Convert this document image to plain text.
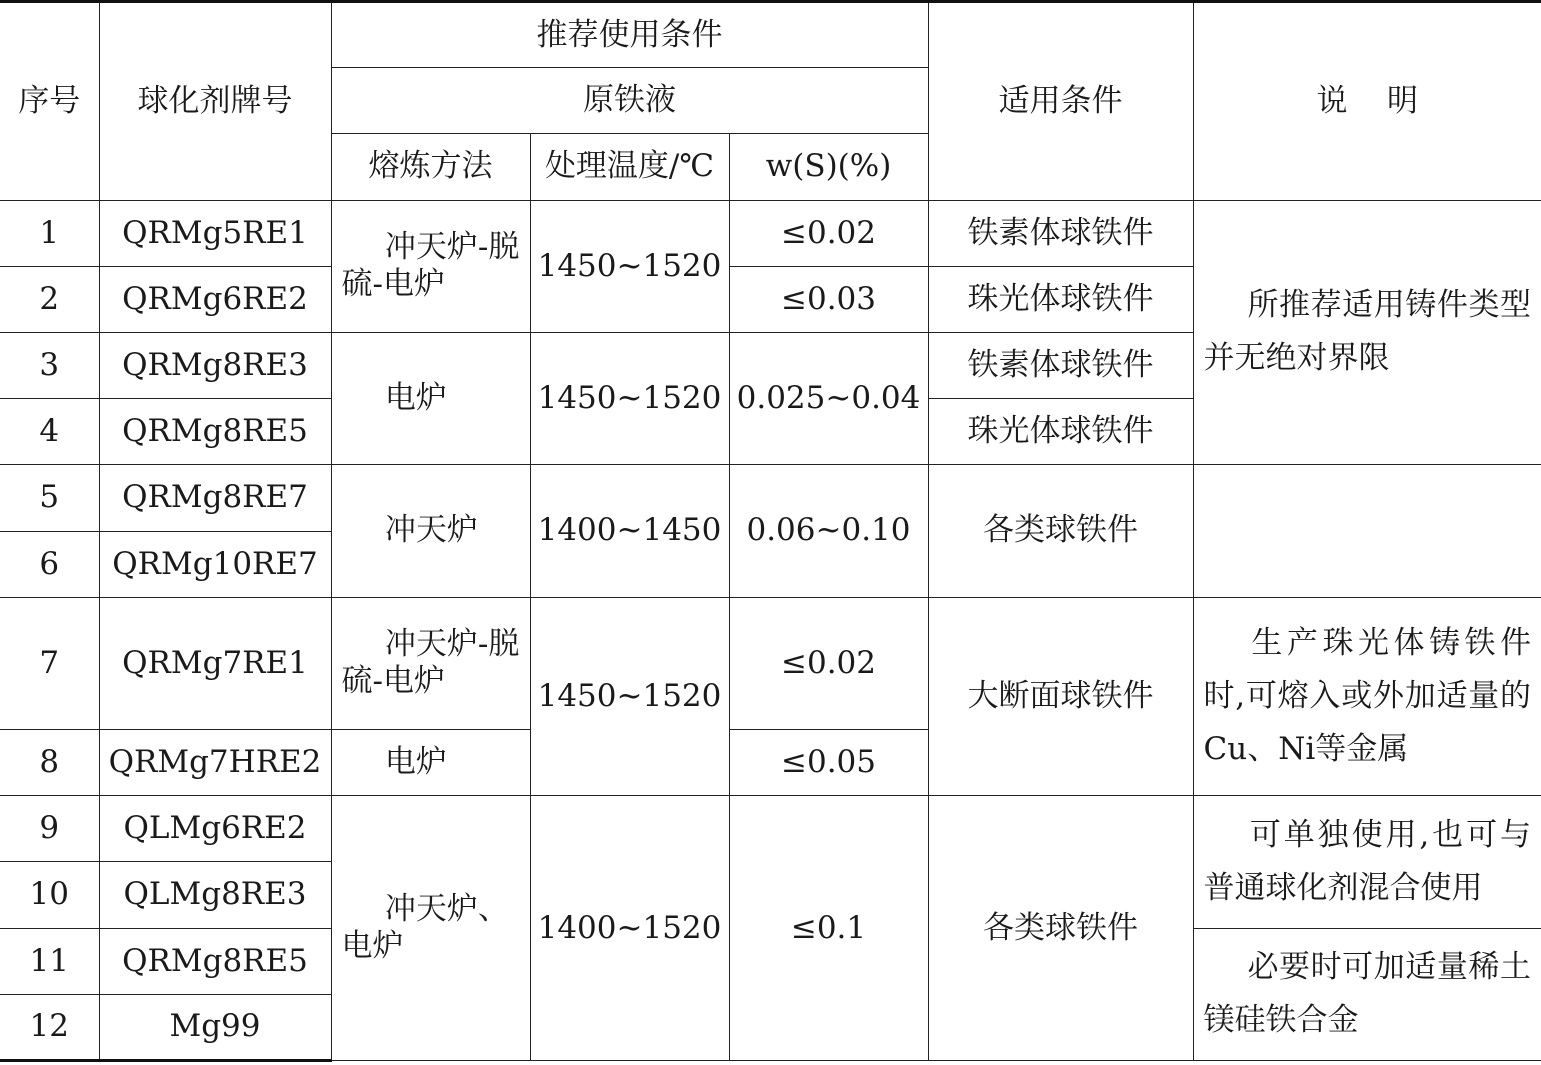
序号	球化剂牌号	推荐使用条件			适用条件	说    明
		原铁液				
		熔炼方法	处理温度/℃	w(S)(%)		
1	QRMg5RE1	冲天炉-脱硫-电炉	1450~1520	≤0.02	铁素体球铁件	所推荐适用铸件类型并无绝对界限
2	QRMg6RE2			≤0.03	珠光体球铁件	
3	QRMg8RE3	电炉	1450~1520	0.025~0.04	铁素体球铁件	
4	QRMg8RE5				珠光体球铁件	
5	QRMg8RE7	冲天炉	1400~1450	0.06~0.10	各类球铁件	
6	QRMg10RE7					
7	QRMg7RE1	冲天炉-脱硫-电炉	1450~1520	≤0.02	大断面球铁件	生产珠光体铸铁件时,可熔入或外加适量的Cu、Ni等金属
8	QRMg7HRE2	电炉		≤0.05		
9	QLMg6RE2	冲天炉、电炉	1400~1520	≤0.1	各类球铁件	可单独使用,也可与普通球化剂混合使用
10	QLMg8RE3					
11	QRMg8RE5					必要时可加适量稀土镁硅铁合金
12	Mg99					
